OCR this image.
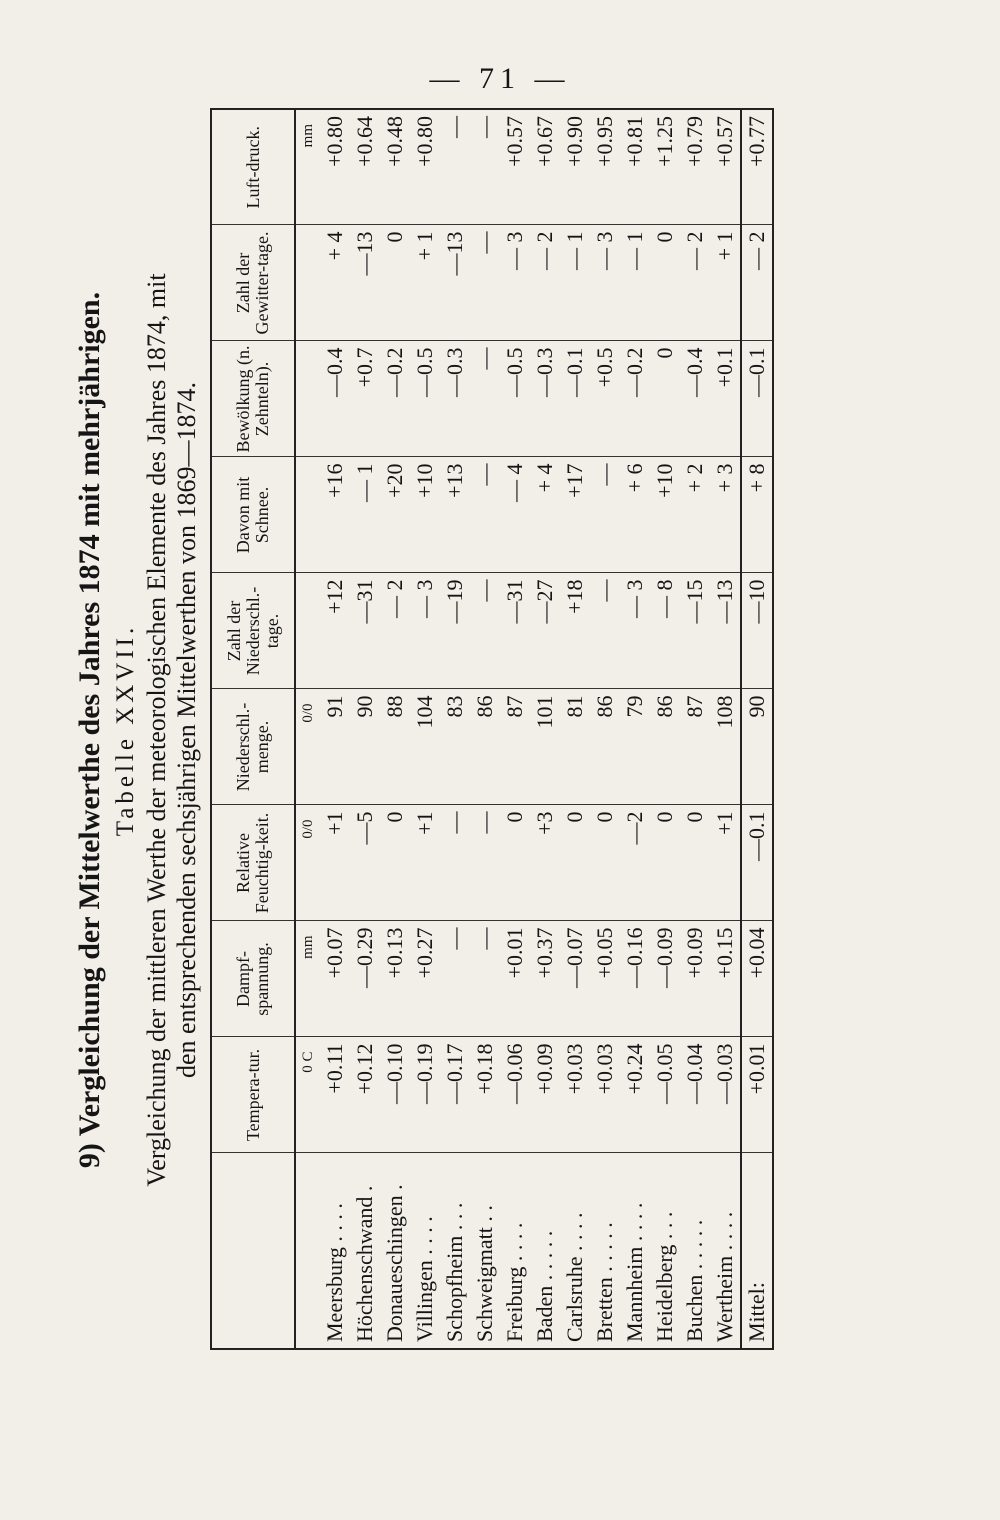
— 71 —
9) Vergleichung der Mittelwerthe des Jahres 1874 mit mehrjährigen. Tabelle XXVII. Vergleichung der mittleren Werthe der meteorologischen Elemente des Jahres 1874, mit den entsprechenden sechsjährigen Mittelwerthen von 1869—1874.
	Tempera-tur.	Dampf-spannung.	Relative Feuchtig-keit.	Niederschl.-menge.	Zahl der Niederschl.-tage.	Davon mit Schnee.	Bewölkung (n. Zehnteln).	Zahl der Gewitter-tage.	Luft-druck.
	0 C	mm	0/0	0/0					mm
Meersburg . . . .	+0.11	+0.07	+1	91	+12	+16	—0.4	+ 4	+0.80
Höchenschwand .	+0.12	—0.29	—5	90	—31	— 1	+0.7	—13	+0.64
Donaueschingen .	—0.10	+0.13	0	88	— 2	+20	—0.2	0	+0.48
Villingen . . . .	—0.19	+0.27	+1	104	— 3	+10	—0.5	+ 1	+0.80
Schopfheim . . .	—0.17	—	—	83	—19	+13	—0.3	—13	—
Schweigmatt . .	+0.18	—	—	86	—	—	—	—	—
Freiburg . . . .	—0.06	+0.01	0	87	—31	— 4	—0.5	— 3	+0.57
Baden . . . . .	+0.09	+0.37	+3	101	—27	+ 4	—0.3	— 2	+0.67
Carlsruhe . . . .	+0.03	—0.07	0	81	+18	+17	—0.1	— 1	+0.90
Bretten . . . . .	+0.03	+0.05	0	86	—	—	+0.5	— 3	+0.95
Mannheim . . . .	+0.24	—0.16	—2	79	— 3	+ 6	—0.2	— 1	+0.81
Heidelberg . . .	—0.05	—0.09	0	86	— 8	+10	0	0	+1.25
Buchen . . . . .	—0.04	+0.09	0	87	—15	+ 2	—0.4	— 2	+0.79
Wertheim . . . .	—0.03	+0.15	+1	108	—13	+ 3	+0.1	+ 1	+0.57
Mittel:	+0.01	+0.04	—0.1	90	—10	+ 8	—0.1	— 2	+0.77
